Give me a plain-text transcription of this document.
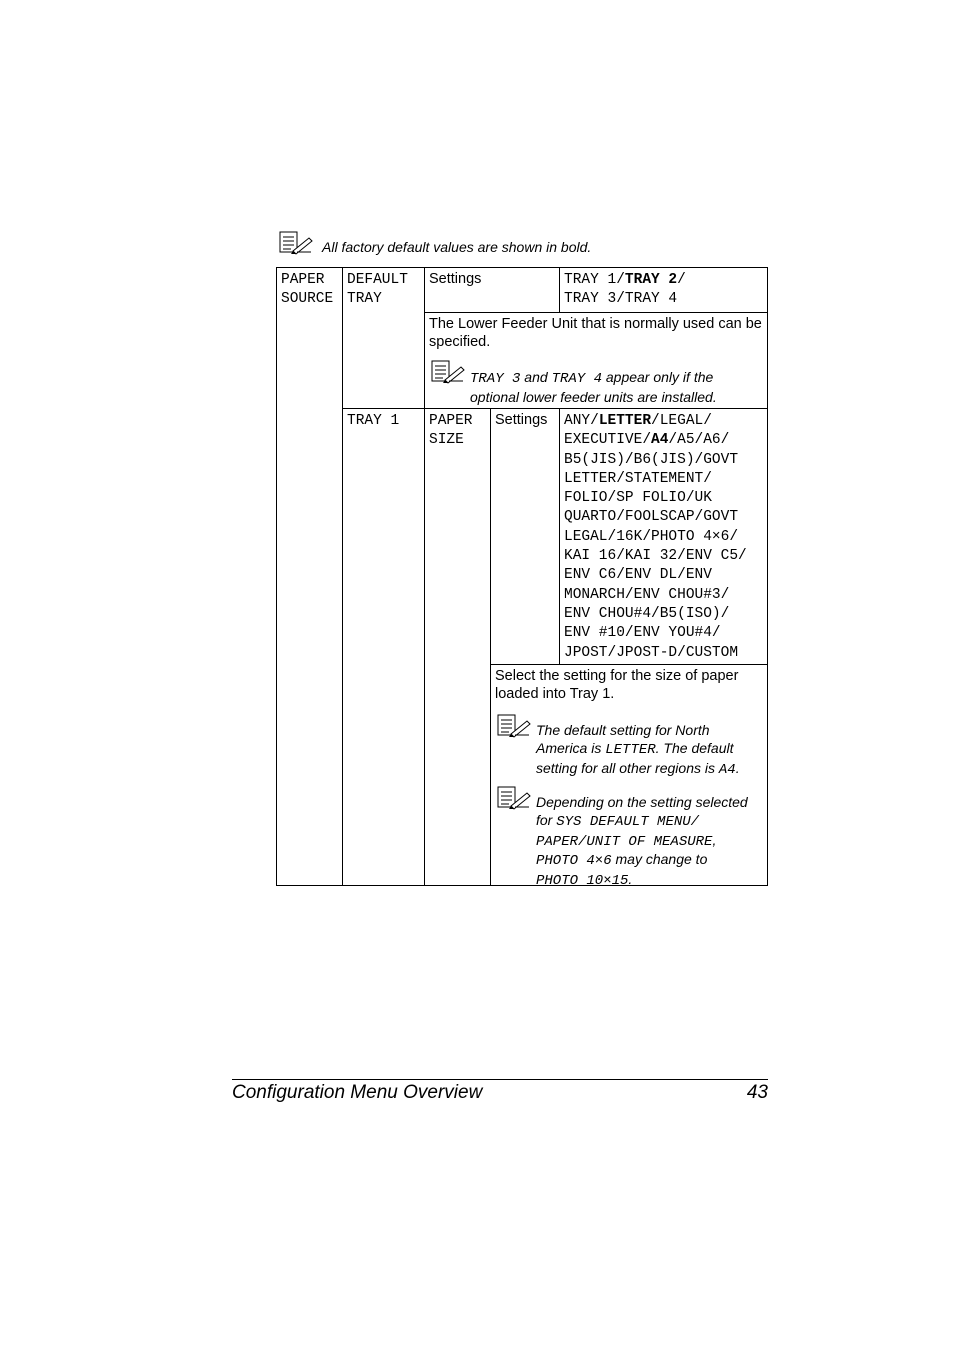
All factory default values are shown in bold.
PAPER
SOURCE
DEFAULT
TRAY
Settings	TRAY 1/TRAY 2/
TRAY 3/TRAY 4
The Lower Feeder Unit that is normally used can be
specified.
TRAY 3 and TRAY 4 appear only if the
optional lower feeder units are installed.
TRAY 1 PAPER
SIZE
Settings ANY/LETTER/LEGAL/
EXECUTIVE/A4/A5/A6/
B5(JIS)/B6(JIS)/GOVT
LETTER/STATEMENT/
FOLIO/SP FOLIO/UK
QUARTO/FOOLSCAP/GOVT
LEGAL/16K/PHOTO 4×6/
KAI 16/KAI 32/ENV C5/
ENV C6/ENV DL/ENV
MONARCH/ENV CHOU#3/
ENV CHOU#4/B5(ISO)/
ENV #10/ENV YOU#4/
JPOST/JPOST-D/CUSTOM
Select the setting for the size of paper
loaded into Tray 1.
The default setting for North
America is LETTER. The default
setting for all other regions is A4.
Depending on the setting selected
for SYS DEFAULT MENU/
PAPER/UNIT OF MEASURE,
PHOTO 4×6 may change to
PHOTO 10×15.
Configuration Menu Overview	43
